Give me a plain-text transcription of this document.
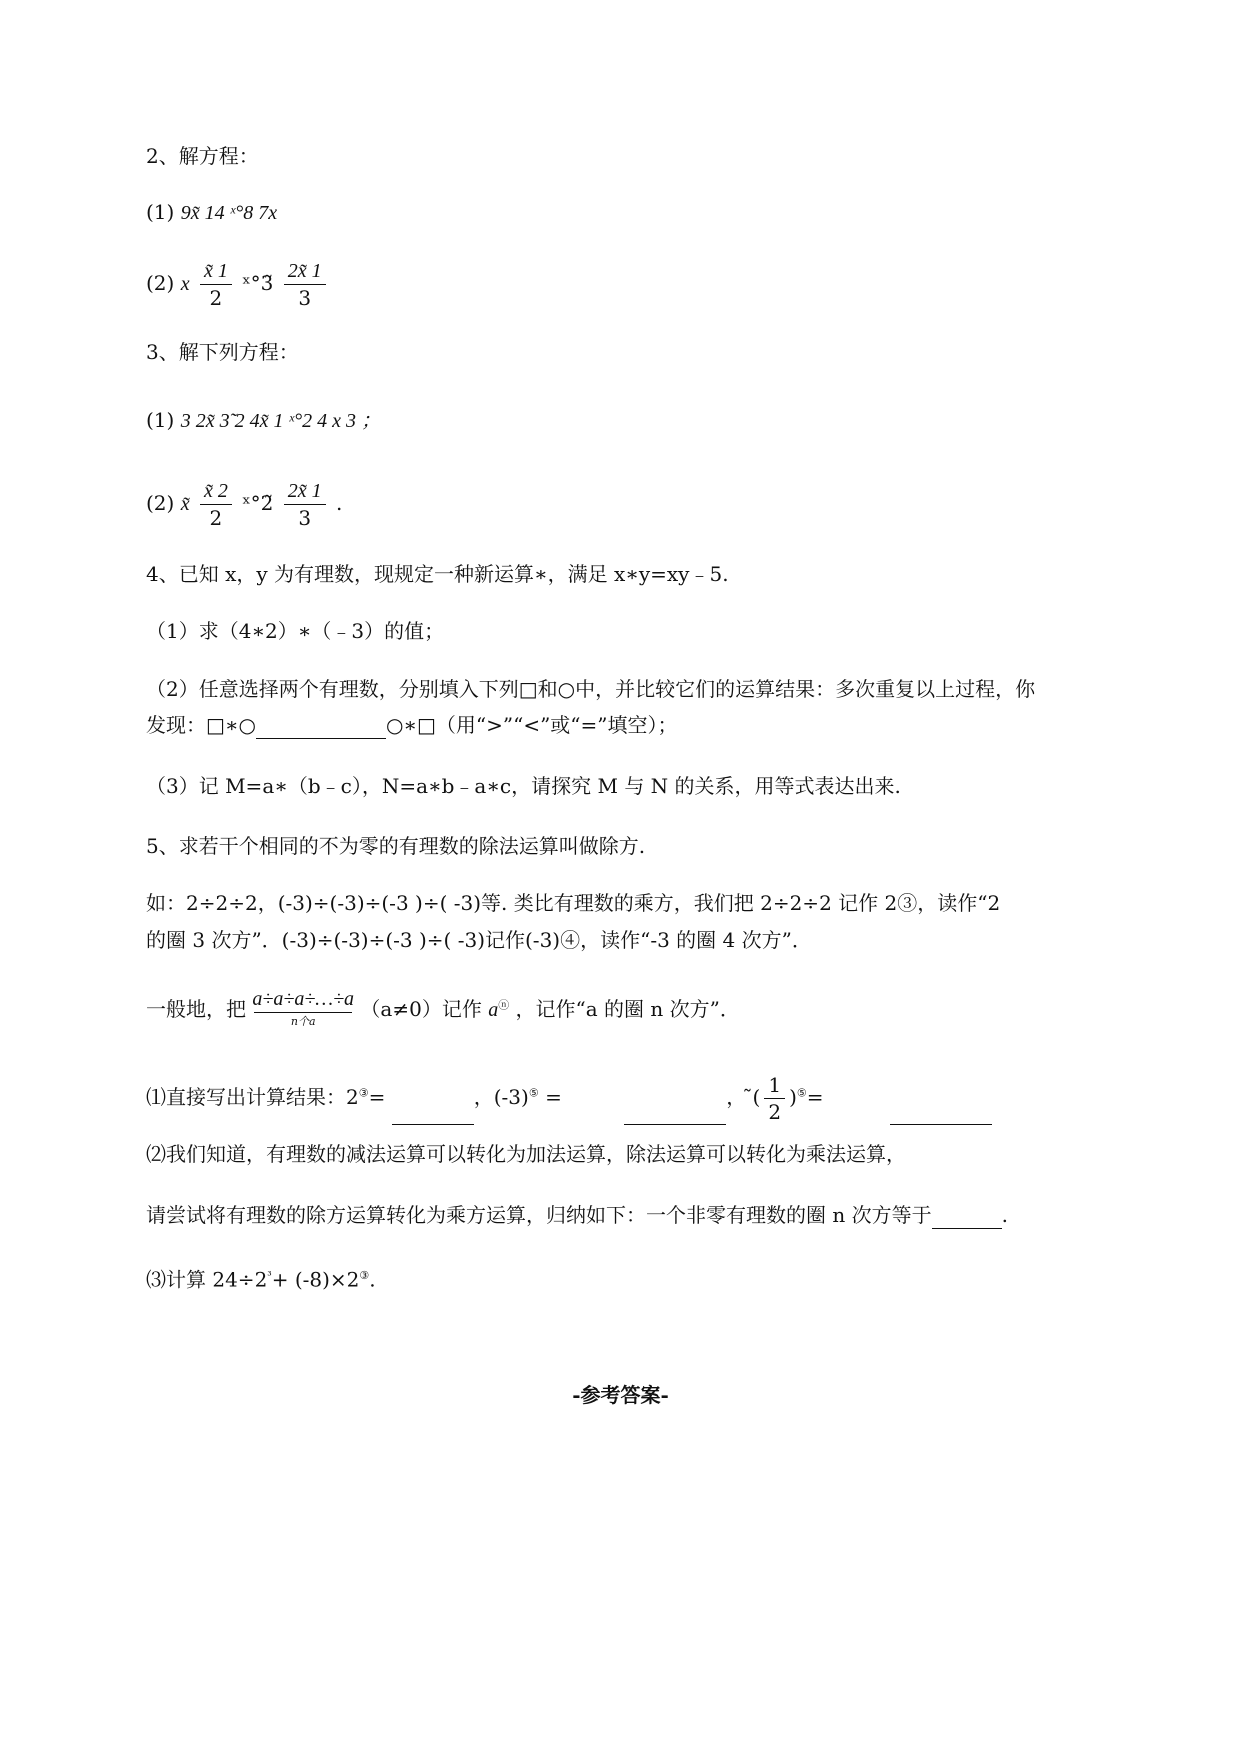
2、解方程：
(1) 9x̃ 14 ˣ°8 7x
(2) x $\frac{x̃ 1}{2}$ ˣ°3̃ $\frac{2x̃ 1}{3}$
3、解下列方程：
(1) 3 2x̃ 3̃ 2 4x̃ 1 ˣ°2 4 x 3 ；
(2) x̃ $\frac{x̃ 2}{2}$ ˣ°2̃ $\frac{2x̃ 1}{3}$ .
4、已知 x，y 为有理数，现规定一种新运算∗，满足 x∗y=xy﹣5.
（1）求（4∗2）∗（﹣3）的值；
（2）任意选择两个有理数，分别填入下列□和○中，并比较它们的运算结果：多次重复以上过程，你
发现：□∗○	○∗□（用“>”“<”或“=”填空）；
（3）记 M=a∗（b﹣c），N=a∗b﹣a∗c，请探究 M 与 N 的关系，用等式表达出来.
5、求若干个相同的不为零的有理数的除法运算叫做除方.
如：2÷2÷2，(-3)÷(-3)÷(-3 )÷( -3)等. 类比有理数的乘方，我们把 2÷2÷2 记作 2③，读作“2
的圈 3 次方”．(-3)÷(-3)÷(-3 )÷( -3)记作(-3)④，读作“-3 的圈 4 次方”．
一般地，把 a÷a÷a÷…÷a
n个a
（a≠0）记作 aⓝ ，记作“a 的圈 n 次方”．
⑴直接写出计算结果：2③=	，(-3)⑤ =	， ̃( $\frac{1}{2} )^⑤=$
⑵我们知道，有理数的减法运算可以转化为加法运算，除法运算可以转化为乘法运算，
请尝试将有理数的除方运算转化为乘方运算，归纳如下：一个非零有理数的圈 n 次方等于	.
⑶计算 $24\div 2^{^3}+ (-8)\times 2^③$.
-参考答案-
